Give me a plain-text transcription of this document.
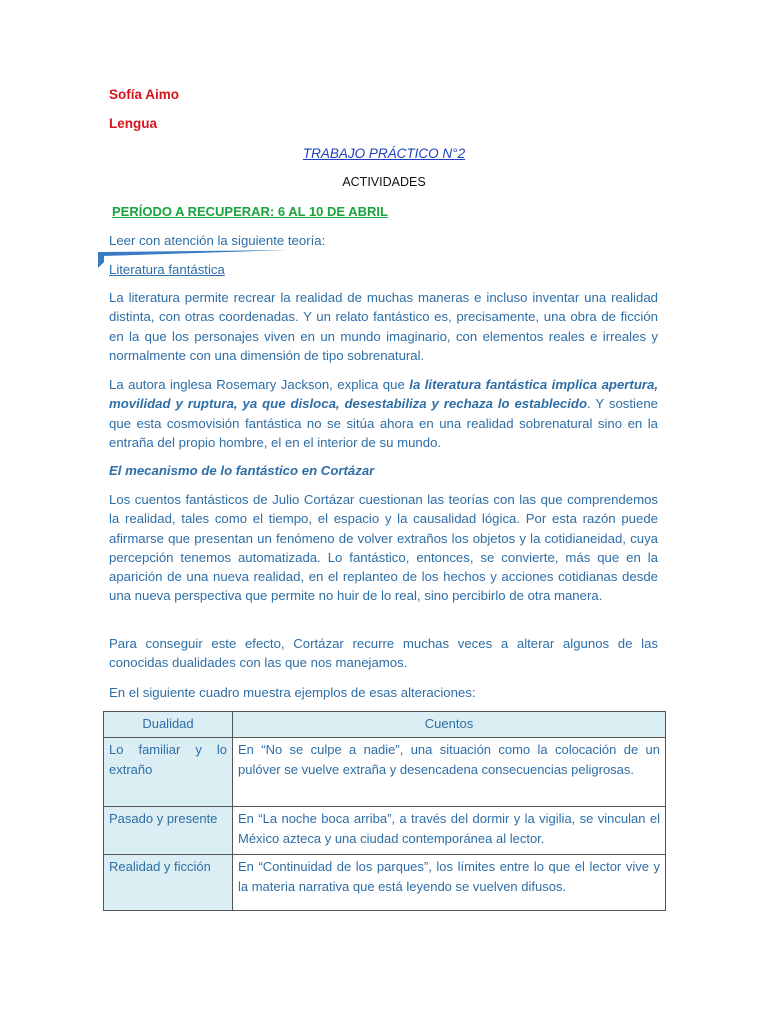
Sofía Aimo
Lengua
TRABAJO PRÁCTICO N°2
ACTIVIDADES
PERÍODO A RECUPERAR: 6 AL 10 DE ABRIL
Leer con atención la siguiente teoría:
Literatura fantástica
La literatura permite recrear la realidad de muchas maneras e incluso inventar una realidad distinta, con otras coordenadas. Y un relato fantástico es, precisamente, una obra de ficción en la que los personajes viven en un mundo imaginario, con elementos reales e irreales y normalmente con una dimensión de tipo sobrenatural.
La autora inglesa Rosemary Jackson, explica que la literatura fantástica implica apertura, movilidad y ruptura, ya que disloca, desestabiliza y rechaza lo establecido. Y sostiene que esta cosmovisión fantástica no se sitúa ahora en una realidad sobrenatural sino en la entraña del propio hombre, el en el interior de su mundo.
El mecanismo de lo fantástico en Cortázar
Los cuentos fantásticos de Julio Cortázar cuestionan las teorías con las que comprendemos la realidad, tales como el tiempo, el espacio y la causalidad lógica. Por esta razón puede afirmarse que presentan un fenómeno de volver extraños los objetos y la cotidianeidad, cuya percepción tenemos automatizada. Lo fantástico, entonces, se convierte, más que en la aparición de una nueva realidad, en el replanteo de los hechos y acciones cotidianas desde una nueva perspectiva que permite no huir de lo real, sino percibirlo de otra manera.
Para conseguir este efecto, Cortázar recurre muchas veces a alterar algunos de las conocidas dualidades con las que nos manejamos.
En el siguiente cuadro muestra ejemplos de esas alteraciones:
Dualidad	Cuentos
Lo familiar y lo extraño	En “No se culpe a nadie”, una situación como la colocación de un pulóver se vuelve extraña y desencadena consecuencias peligrosas.
Pasado y presente	En “La noche boca arriba”, a través del dormir y la vigilia, se vinculan el México azteca y una ciudad contemporánea al lector.
Realidad y ficción	En “Continuidad de los parques”, los límites entre lo que el lector vive y la materia narrativa que está leyendo se vuelven difusos.
